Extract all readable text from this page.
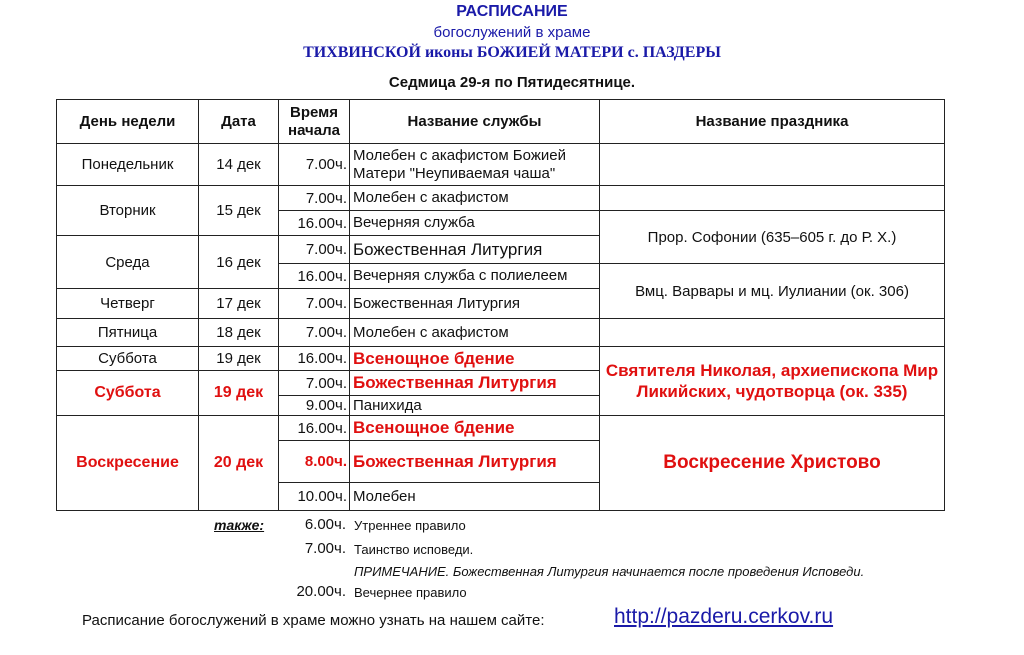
РАСПИСАНИЕ
богослужений в храме
ТИХВИНСКОЙ иконы БОЖИЕЙ МАТЕРИ с. ПАЗДЕРЫ
Седмица 29-я по Пятидесятнице.
День недели	Дата	Время начала	Название службы	Название праздника
Понедельник	14 дек	7.00ч.	Молебен с акафистом Божией Матери "Неупиваемая чаша"	
Вторник	15 дек	7.00ч.	Молебен с акафистом	
		16.00ч.	Вечерняя служба	Прор. Софонии (635–605 г. до Р. Х.)
Среда	16 дек	7.00ч.	Божественная Литургия	
		16.00ч.	Вечерняя служба с полиелеем	Вмц. Варвары и мц. Иулиании (ок. 306)
Четверг	17 дек	7.00ч.	Божественная Литургия	
Пятница	18 дек	7.00ч.	Молебен с акафистом	
Суббота	19 дек	16.00ч.	Всенощное бдение	Святителя Николая, архиепископа Мир Ликийских, чудотворца (ок. 335)
Суббота	19 дек	7.00ч.	Божественная Литургия	
		9.00ч.	Панихида	
Воскресение	20 дек	16.00ч.	Всенощное бдение	Воскресение Христово
		8.00ч.	Божественная Литургия	
		10.00ч.	Молебен	
также:	6.00ч. Утреннее правило
7.00ч. Таинство исповеди.
ПРИМЕЧАНИЕ. Божественная Литургия начинается после проведения Исповеди.
20.00ч. Вечернее правило
Расписание богослужений в храме можно узнать на нашем сайте:	http://pazderu.cerkov.ru
